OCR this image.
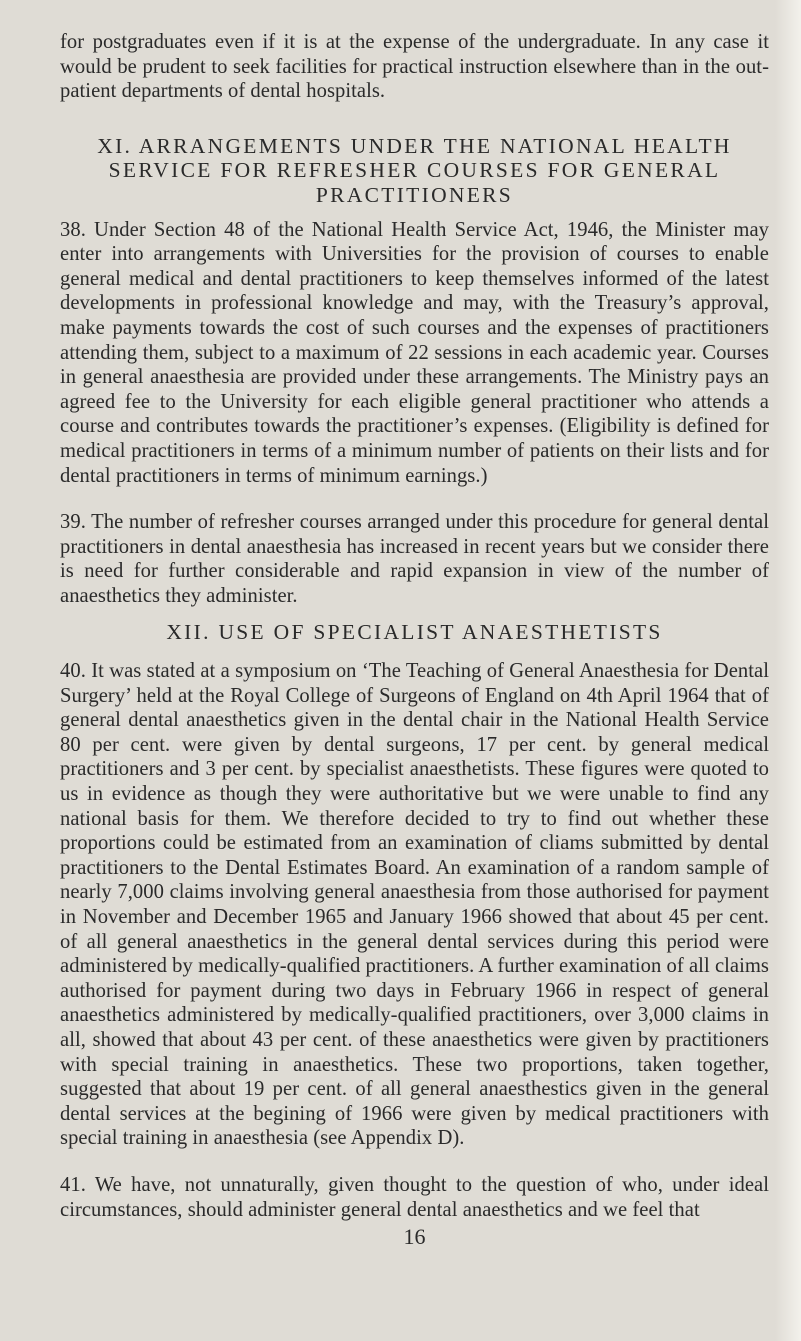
for postgraduates even if it is at the expense of the undergraduate. In any case it would be prudent to seek facilities for practical instruction elsewhere than in the out-patient departments of dental hospitals.

XI. ARRANGEMENTS UNDER THE NATIONAL HEALTH SERVICE FOR REFRESHER COURSES FOR GENERAL PRACTITIONERS

38. Under Section 48 of the National Health Service Act, 1946, the Minister may enter into arrangements with Universities for the provision of courses to enable general medical and dental practitioners to keep themselves informed of the latest developments in professional knowledge and may, with the Treasury’s approval, make payments towards the cost of such courses and the expenses of practitioners attending them, subject to a maximum of 22 sessions in each academic year. Courses in general anaesthesia are provided under these arrangements. The Ministry pays an agreed fee to the University for each eligible general practitioner who attends a course and contributes towards the practitioner’s expenses. (Eligibility is defined for medical practitioners in terms of a minimum number of patients on their lists and for dental practitioners in terms of minimum earnings.)

39. The number of refresher courses arranged under this procedure for general dental practitioners in dental anaesthesia has increased in recent years but we consider there is need for further considerable and rapid expansion in view of the number of anaesthetics they administer.

XII. USE OF SPECIALIST ANAESTHETISTS

40. It was stated at a symposium on ‘The Teaching of General Anaesthesia for Dental Surgery’ held at the Royal College of Surgeons of England on 4th April 1964 that of general dental anaesthetics given in the dental chair in the National Health Service 80 per cent. were given by dental surgeons, 17 per cent. by general medical practitioners and 3 per cent. by specialist anaesthetists. These figures were quoted to us in evidence as though they were authoritative but we were unable to find any national basis for them. We therefore decided to try to find out whether these proportions could be estimated from an examination of cliams submitted by dental practitioners to the Dental Estimates Board. An examination of a random sample of nearly 7,000 claims involving general anaesthesia from those authorised for payment in November and December 1965 and January 1966 showed that about 45 per cent. of all general anaesthetics in the general dental services during this period were administered by medically-qualified practitioners. A further examination of all claims authorised for payment during two days in February 1966 in respect of general anaesthetics administered by medically-qualified practitioners, over 3,000 claims in all, showed that about 43 per cent. of these anaesthetics were given by practitioners with special training in anaesthetics. These two proportions, taken together, suggested that about 19 per cent. of all general anaesthestics given in the general dental services at the begining of 1966 were given by medical practitioners with special training in anaesthesia (see Appendix D).

41. We have, not unnaturally, given thought to the question of who, under ideal circumstances, should administer general dental anaesthetics and we feel that

16
